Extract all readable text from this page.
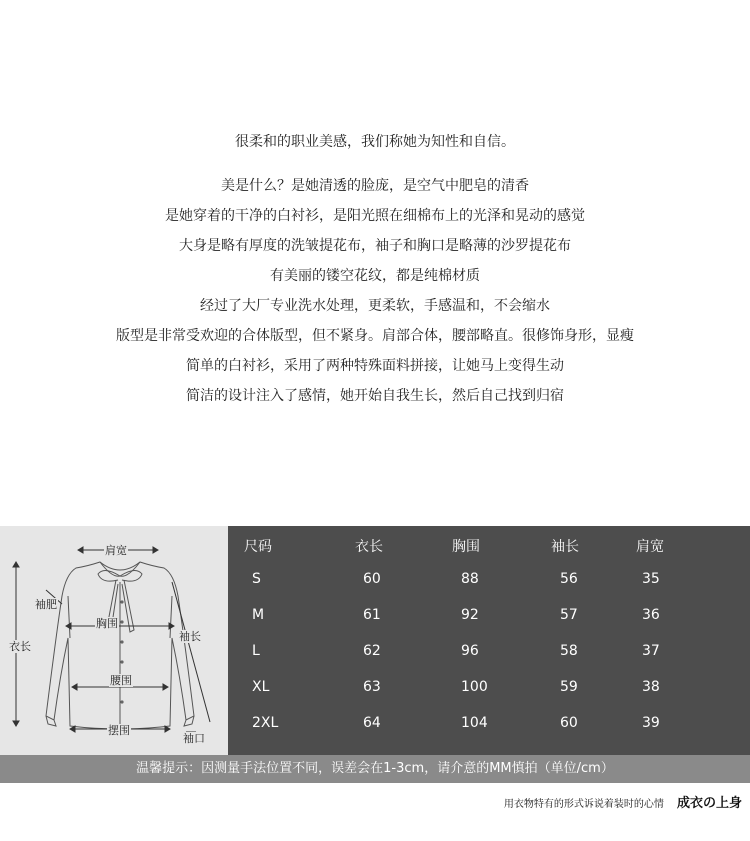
很柔和的职业美感，我们称她为知性和自信。
美是什么？是她清透的脸庞，是空气中肥皂的清香
是她穿着的干净的白衬衫，是阳光照在细棉布上的光泽和晃动的感觉
大身是略有厚度的洗皱提花布，袖子和胸口是略薄的沙罗提花布
有美丽的镂空花纹，都是纯棉材质
经过了大厂专业洗水处理，更柔软，手感温和，不会缩水
版型是非常受欢迎的合体版型，但不紧身。肩部合体，腰部略直。很修饰身形，显瘦
简单的白衬衫，采用了两种特殊面料拼接，让她马上变得生动
简洁的设计注入了感情，她开始自我生长，然后自己找到归宿
肩宽
袖肥
胸围
衣长
袖长
腰围
摆围
袖口
尺码	衣长	胸围	袖长	肩宽
S	60	88	56	35
M	61	92	57	36
L	62	96	58	37
XL	63	100	59	38
2XL	64	104	60	39
温馨提示：因测量手法位置不同，误差会在1-3cm，请介意的MM慎拍（单位/cm）
用衣物特有的形式诉说着装时的心情 成衣の上身
